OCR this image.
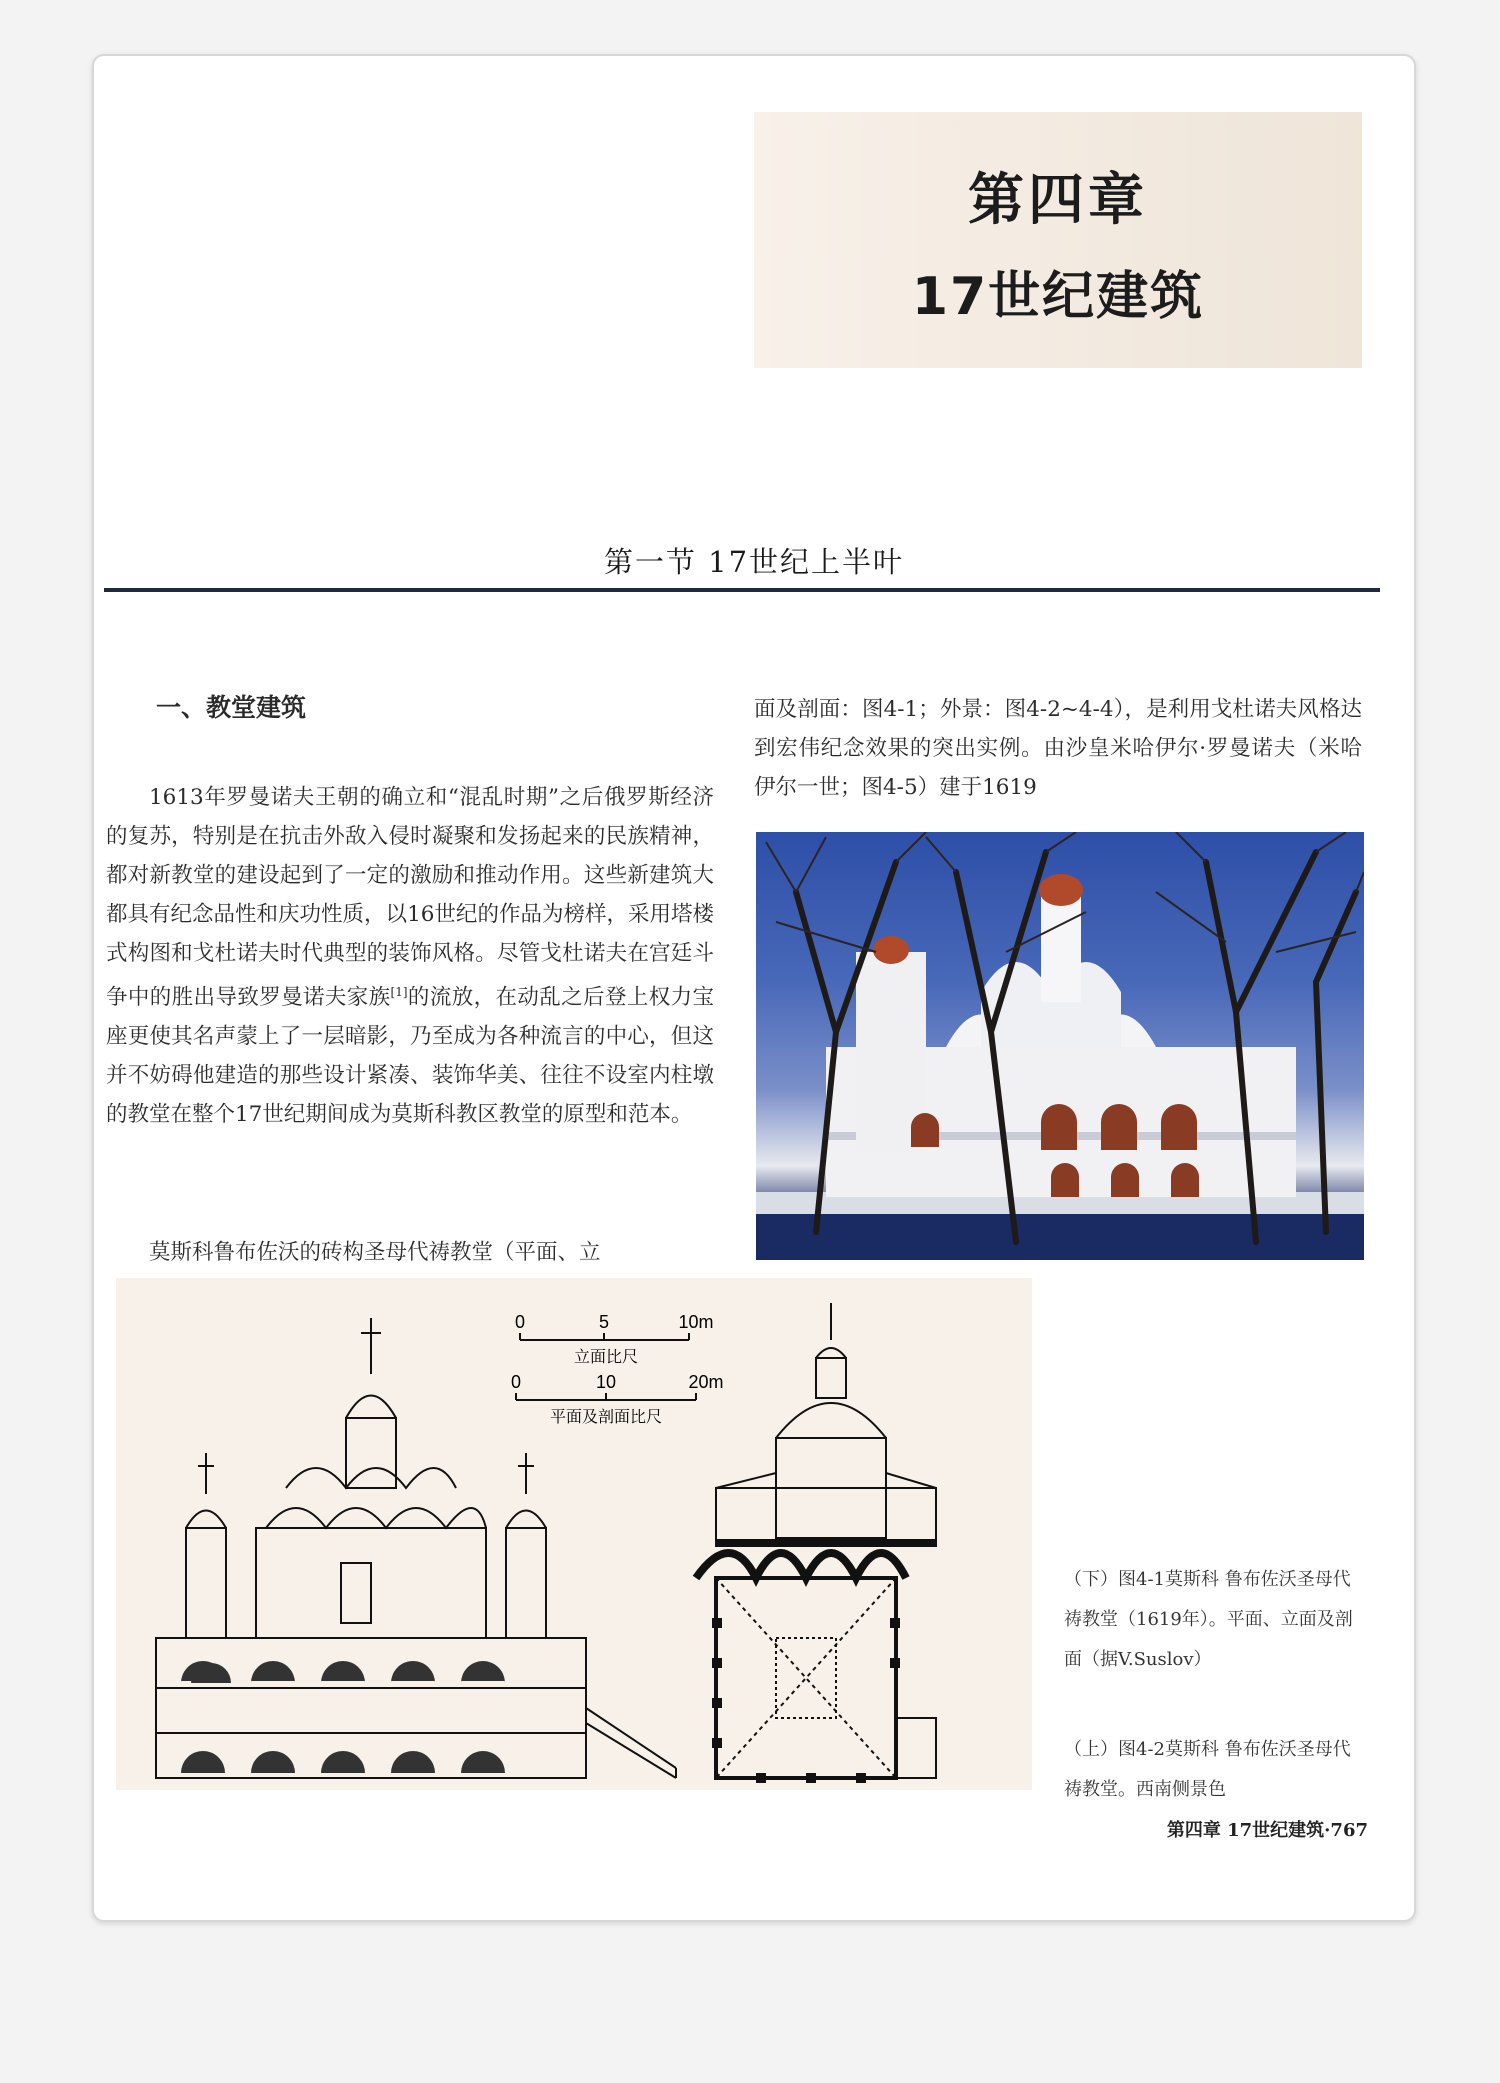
第四章
17世纪建筑
第一节 17世纪上半叶
一、教堂建筑
1613年罗曼诺夫王朝的确立和“混乱时期”之后俄罗斯经济的复苏，特别是在抗击外敌入侵时凝聚和发扬起来的民族精神，都对新教堂的建设起到了一定的激励和推动作用。这些新建筑大都具有纪念品性和庆功性质，以16世纪的作品为榜样，采用塔楼式构图和戈杜诺夫时代典型的装饰风格。尽管戈杜诺夫在宫廷斗争中的胜出导致罗曼诺夫家族[1]的流放，在动乱之后登上权力宝座更使其名声蒙上了一层暗影，乃至成为各种流言的中心，但这并不妨碍他建造的那些设计紧凑、装饰华美、往往不设室内柱墩的教堂在整个17世纪期间成为莫斯科教区教堂的原型和范本。
莫斯科鲁布佐沃的砖构圣母代祷教堂（平面、立
面及剖面：图4-1；外景：图4-2~4-4），是利用戈杜诺夫风格达到宏伟纪念效果的突出实例。由沙皇米哈伊尔·罗曼诺夫（米哈伊尔一世；图4-5）建于1619
0	5	10m
立面比尺
0	10	20m
平面及剖面比尺
（下）图4-1莫斯科 鲁布佐沃圣母代祷教堂（1619年）。平面、立面及剖面（据V.Suslov）
（上）图4-2莫斯科 鲁布佐沃圣母代祷教堂。西南侧景色
第四章 17世纪建筑·767
